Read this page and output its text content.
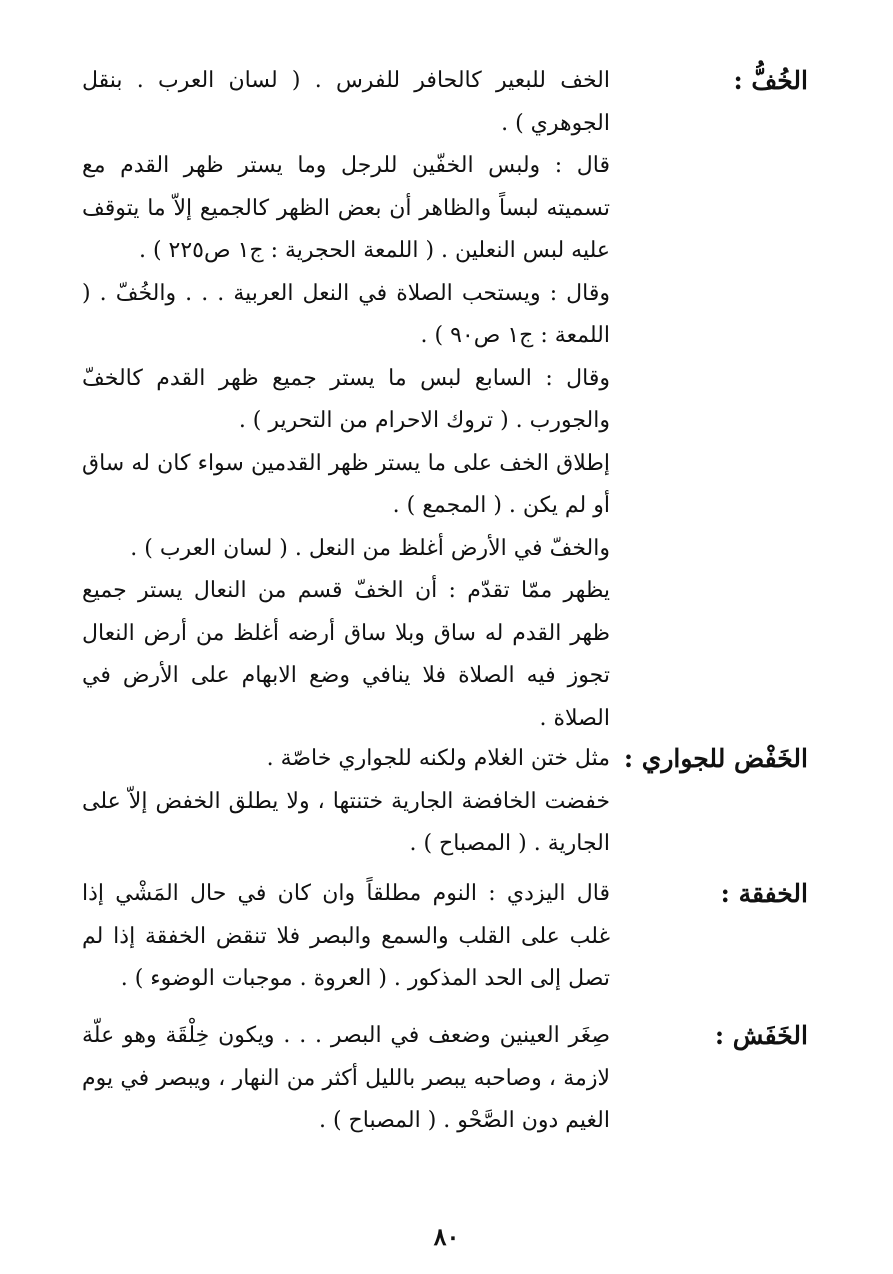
الخُفُّ :

الخف للبعير كالحافر للفرس . ( لسان العرب . بنقل الجوهري ) .

قال : ولبس الخفّين للرجل وما يستر ظهر القدم مع تسميته لبساً والظاهر أن بعض الظهر كالجميع إلاّ ما يتوقف عليه لبس النعلين . ( اللمعة الحجرية : ج١ ص٢٢٥ ) .

وقال : ويستحب الصلاة في النعل العربية . . . والخُفّ . ( اللمعة : ج١ ص٩٠ ) .

وقال : السابع لبس ما يستر جميع ظهر القدم كالخفّ والجورب . ( تروك الاحرام من التحرير ) .

إطلاق الخف على ما يستر ظهر القدمين سواء كان له ساق أو لم يكن . ( المجمع ) .

والخفّ في الأرض أغلظ من النعل . ( لسان العرب ) .

يظهر ممّا تقدّم : أن الخفّ قسم من النعال يستر جميع ظهر القدم له ساق وبلا ساق أرضه أغلظ من أرض النعال تجوز فيه الصلاة فلا ينافي وضع الابهام على الأرض في الصلاة .

الخَفْض للجواري :

مثل ختن الغلام ولكنه للجواري خاصّة .

خفضت الخافضة الجارية ختنتها ، ولا يطلق الخفض إلاّ على الجارية . ( المصباح ) .

الخفقة :

قال اليزدي : النوم مطلقاً وان كان في حال المَشْي إذا غلب على القلب والسمع والبصر فلا تنقض الخفقة إذا لم تصل إلى الحد المذكور . ( العروة . موجبات الوضوء ) .

الخَفَش :

صِغَر العينين وضعف في البصر . . . ويكون خِلْقَة وهو علّة لازمة ، وصاحبه يبصر بالليل أكثر من النهار ، ويبصر في يوم الغيم دون الصَّحْو . ( المصباح ) .

٨٠
